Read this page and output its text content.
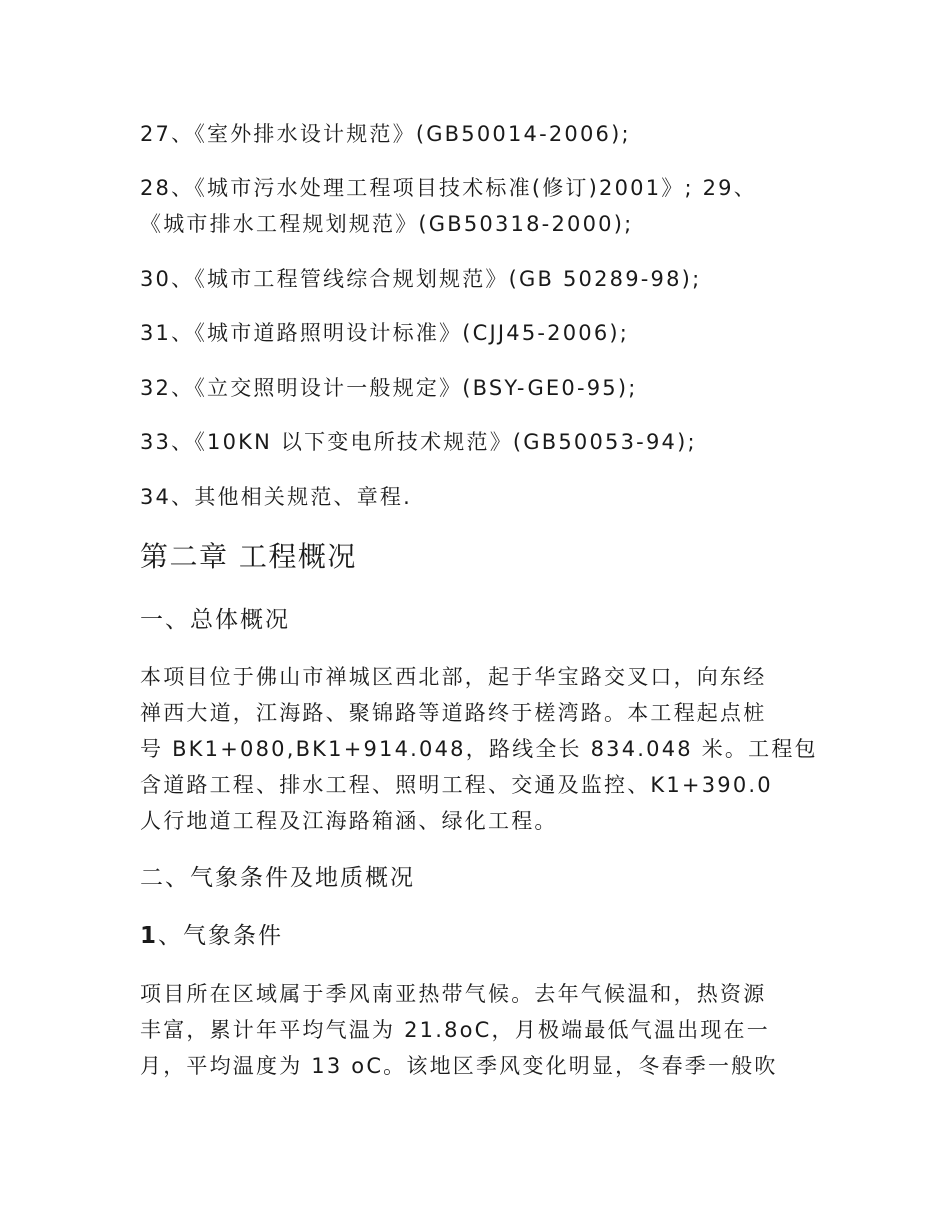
27、《室外排水设计规范》(GB50014-2006);
28、《城市污水处理工程项目技术标准(修订)2001》; 29、
《城市排水工程规划规范》(GB50318-2000);
30、《城市工程管线综合规划规范》(GB 50289-98);
31、《城市道路照明设计标准》(CJJ45-2006);
32、《立交照明设计一般规定》(BSY-GE0-95);
33、《10KN 以下变电所技术规范》(GB50053-94);
34、其他相关规范、章程.
第二章 工程概况
一、总体概况
本项目位于佛山市禅城区西北部，起于华宝路交叉口，向东经
禅西大道，江海路、聚锦路等道路终于槎湾路。本工程起点桩
号 BK1+080,BK1+914.048，路线全长 834.048 米。工程包
含道路工程、排水工程、照明工程、交通及监控、K1+390.0
人行地道工程及江海路箱涵、绿化工程。
二、气象条件及地质概况
1、气象条件
项目所在区域属于季风南亚热带气候。去年气候温和，热资源
丰富，累计年平均气温为 21.8oC，月极端最低气温出现在一
月，平均温度为 13 oC。该地区季风变化明显，冬春季一般吹
